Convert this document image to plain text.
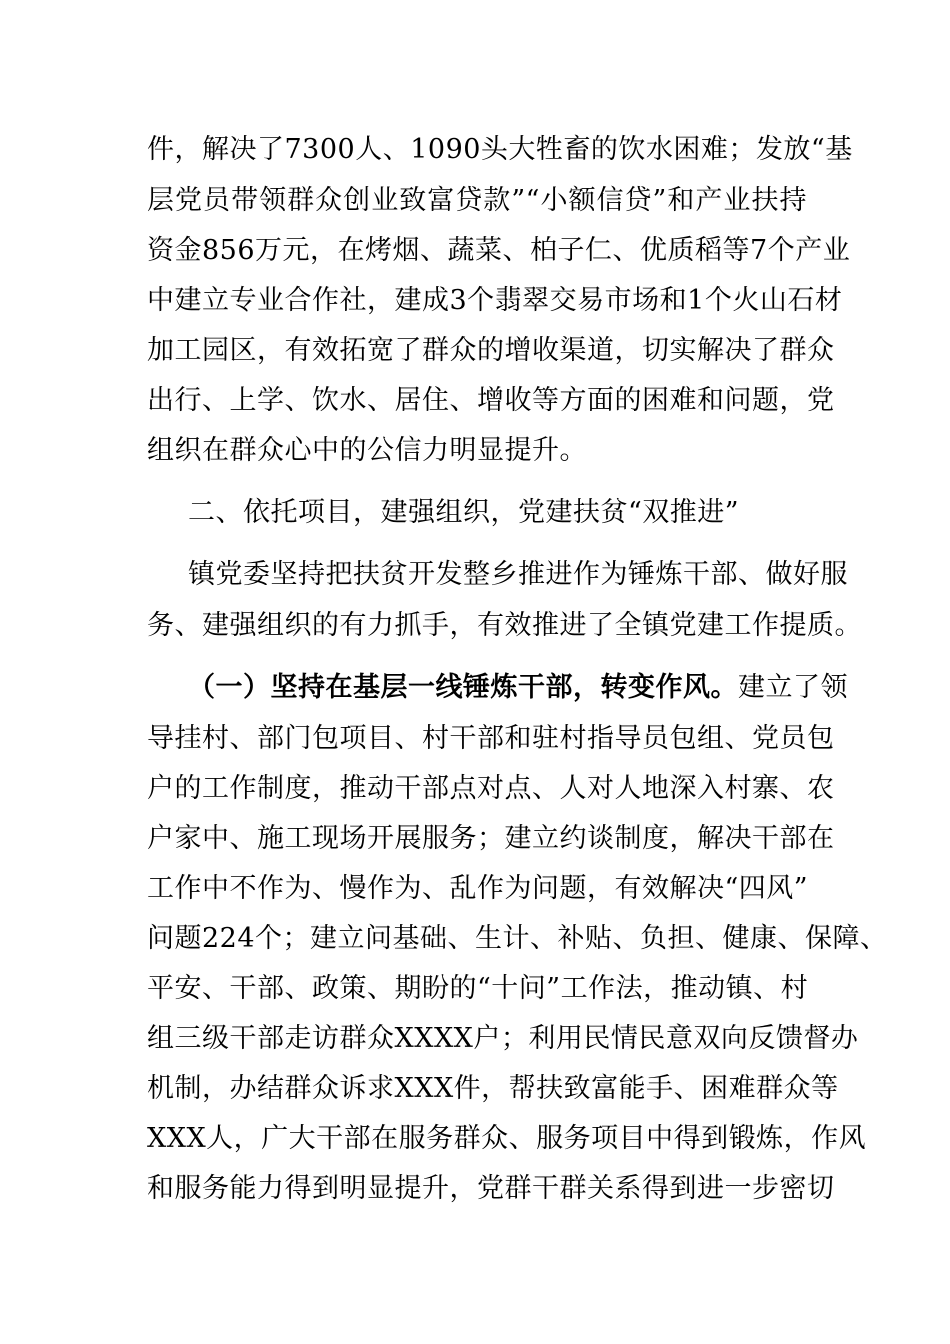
件，解决了7300人、1090头大牲畜的饮水困难；发放“基
层党员带领群众创业致富贷款”“小额信贷”和产业扶持
资金856万元，在烤烟、蔬菜、柏子仁、优质稻等7个产业
中建立专业合作社，建成3个翡翠交易市场和1个火山石材
加工园区，有效拓宽了群众的增收渠道，切实解决了群众
出行、上学、饮水、居住、增收等方面的困难和问题，党
组织在群众心中的公信力明显提升。
二、依托项目，建强组织，党建扶贫“双推进”
镇党委坚持把扶贫开发整乡推进作为锤炼干部、做好服
务、建强组织的有力抓手，有效推进了全镇党建工作提质。
（一）坚持在基层一线锤炼干部，转变作风。建立了领
导挂村、部门包项目、村干部和驻村指导员包组、党员包
户的工作制度，推动干部点对点、人对人地深入村寨、农
户家中、施工现场开展服务；建立约谈制度，解决干部在
工作中不作为、慢作为、乱作为问题，有效解决“四风”
问题224个；建立问基础、生计、补贴、负担、健康、保障、
平安、干部、政策、期盼的“十问”工作法，推动镇、村
组三级干部走访群众XXXX户；利用民情民意双向反馈督办
机制，办结群众诉求XXX件，帮扶致富能手、困难群众等
XXX人，广大干部在服务群众、服务项目中得到锻炼，作风
和服务能力得到明显提升，党群干群关系得到进一步密切
